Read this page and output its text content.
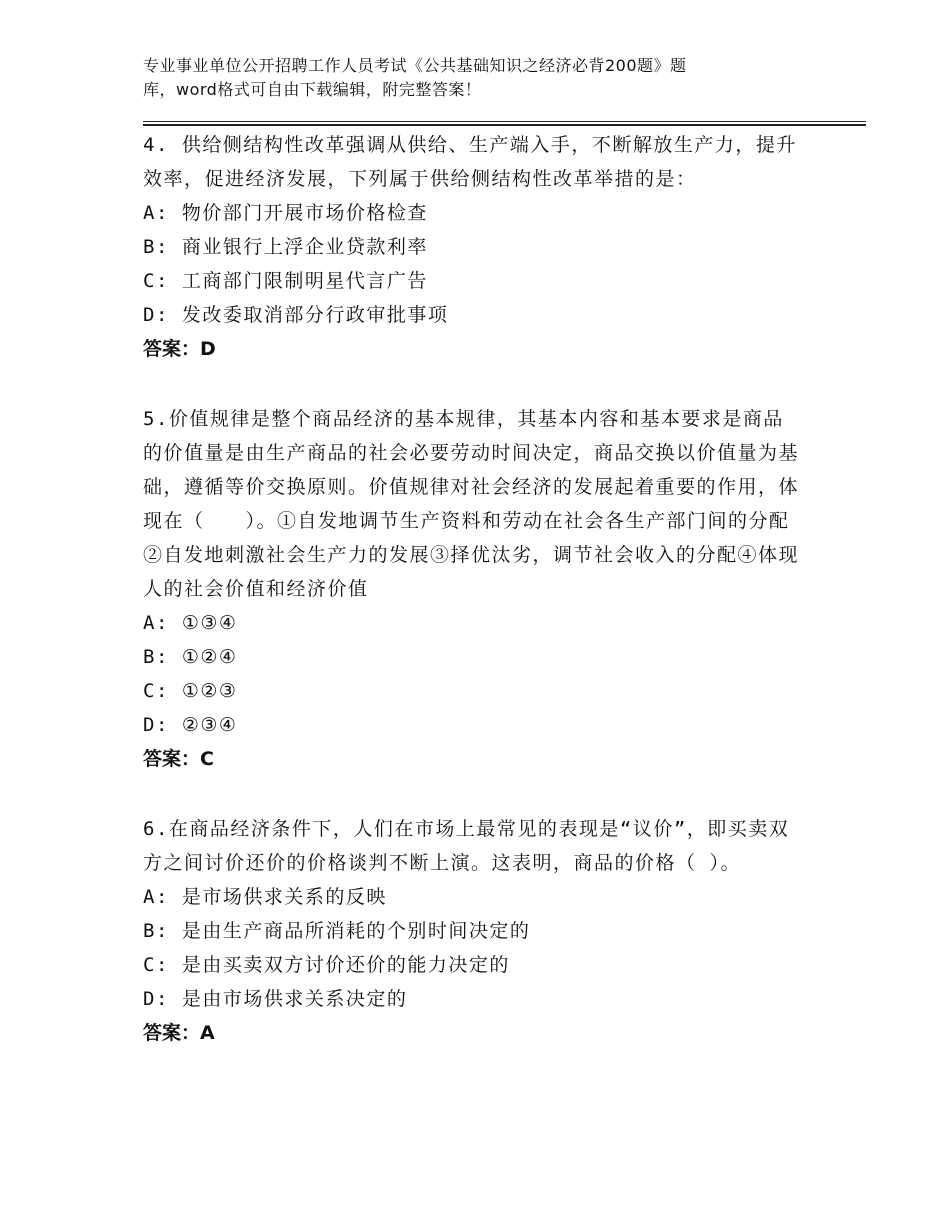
专业事业单位公开招聘工作人员考试《公共基础知识之经济必背200题》题
库，word格式可自由下载编辑，附完整答案！

4. 供给侧结构性改革强调从供给、生产端入手，不断解放生产力，提升效率，促进经济发展，下列属于供给侧结构性改革举措的是：

A: 物价部门开展市场价格检查

B: 商业银行上浮企业贷款利率

C: 工商部门限制明星代言广告

D: 发改委取消部分行政审批事项

答案：D

5.价值规律是整个商品经济的基本规律，其基本内容和基本要求是商品的价值量是由生产商品的社会必要劳动时间决定，商品交换以价值量为基础，遵循等价交换原则。价值规律对社会经济的发展起着重要的作用，体现在（　　）。①自发地调节生产资料和劳动在社会各生产部门间的分配②自发地刺激社会生产力的发展③择优汰劣，调节社会收入的分配④体现人的社会价值和经济价值

A: ①③④

B: ①②④

C: ①②③

D: ②③④

答案：C

6.在商品经济条件下，人们在市场上最常见的表现是“议价”，即买卖双方之间讨价还价的价格谈判不断上演。这表明，商品的价格（ ）。

A: 是市场供求关系的反映

B: 是由生产商品所消耗的个别时间决定的

C: 是由买卖双方讨价还价的能力决定的

D: 是由市场供求关系决定的

答案：A
